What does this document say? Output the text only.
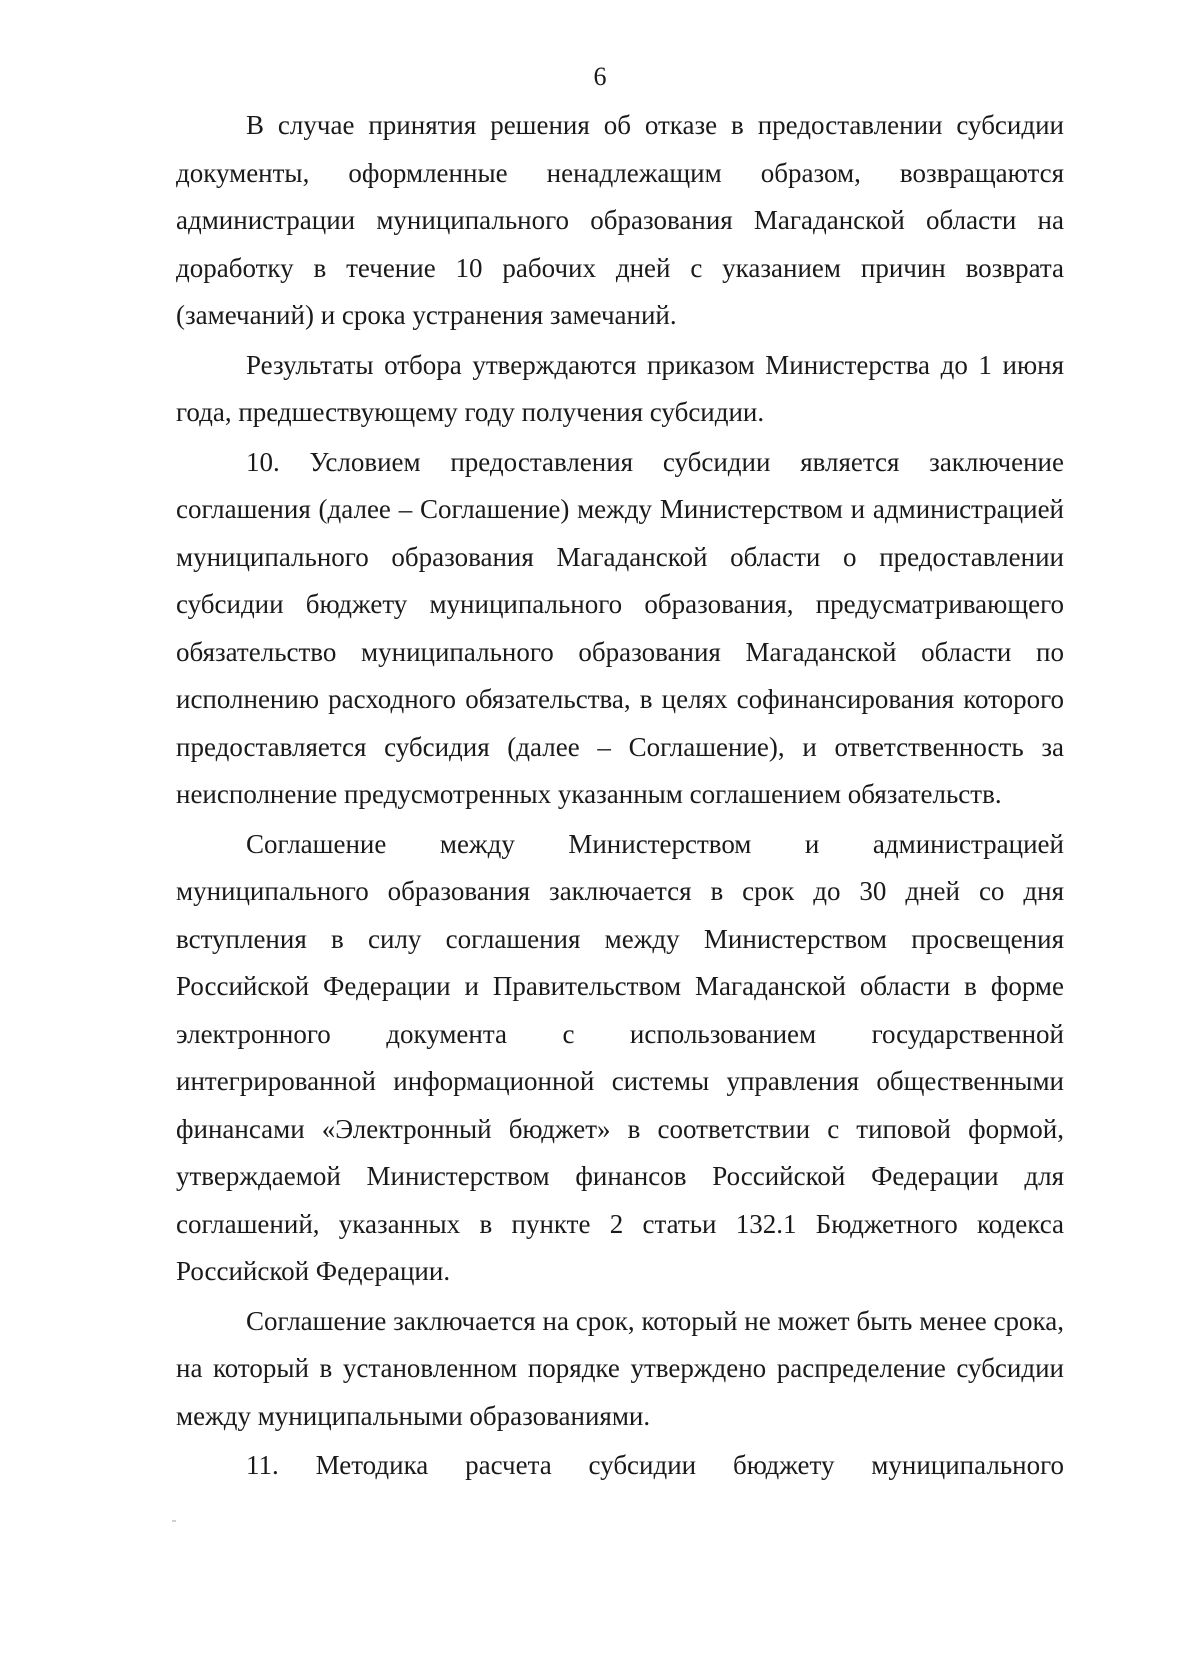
6

В случае принятия решения об отказе в предоставлении субсидии документы, оформленные ненадлежащим образом, возвращаются администрации муниципального образования Магаданской области на доработку в течение 10 рабочих дней с указанием причин возврата (замечаний) и срока устранения замечаний.

Результаты отбора утверждаются приказом Министерства до 1 июня года, предшествующему году получения субсидии.

10. Условием предоставления субсидии является заключение соглашения (далее – Соглашение) между Министерством и администрацией муниципального образования Магаданской области о предоставлении субсидии бюджету муниципального образования, предусматривающего обязательство муниципального образования Магаданской области по исполнению расходного обязательства, в целях софинансирования которого предоставляется субсидия (далее – Соглашение), и ответственность за неисполнение предусмотренных указанным соглашением обязательств.

Соглашение между Министерством и администрацией муниципального образования заключается в срок до 30 дней со дня вступления в силу соглашения между Министерством просвещения Российской Федерации и Правительством Магаданской области в форме электронного документа с использованием государственной интегрированной информационной системы управления общественными финансами «Электронный бюджет» в соответствии с типовой формой, утверждаемой Министерством финансов Российской Федерации для соглашений, указанных в пункте 2 статьи 132.1 Бюджетного кодекса Российской Федерации.

Соглашение заключается на срок, который не может быть менее срока, на который в установленном порядке утверждено распределение субсидии между муниципальными образованиями.

11. Методика расчета субсидии бюджету муниципального
